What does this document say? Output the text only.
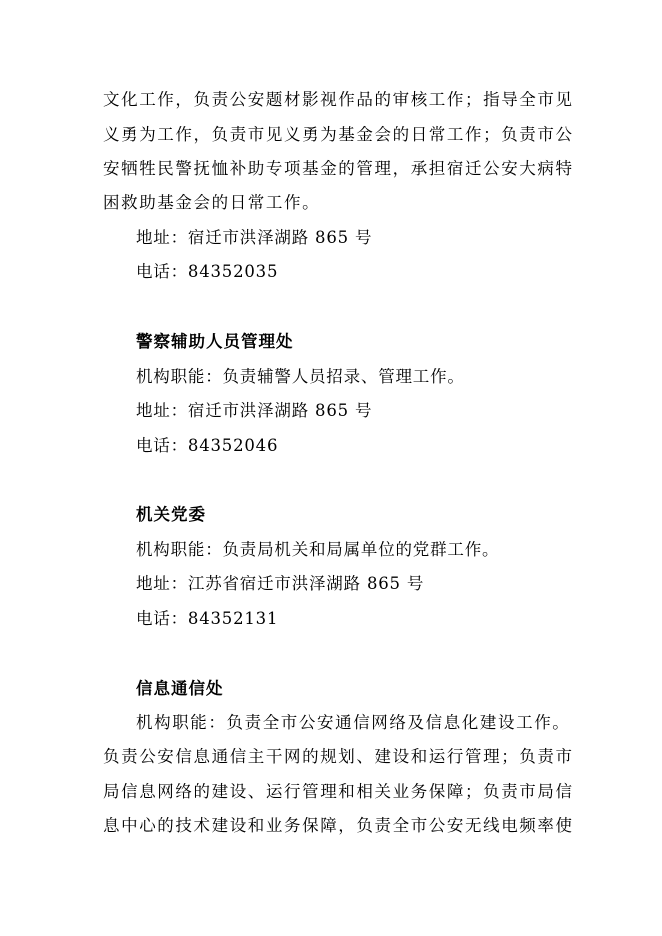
文化工作，负责公安题材影视作品的审核工作；指导全市见
义勇为工作，负责市见义勇为基金会的日常工作；负责市公
安牺牲民警抚恤补助专项基金的管理，承担宿迁公安大病特
困救助基金会的日常工作。
地址：宿迁市洪泽湖路 865 号
电话：84352035
警察辅助人员管理处
机构职能：负责辅警人员招录、管理工作。
地址：宿迁市洪泽湖路 865 号
电话：84352046
机关党委
机构职能：负责局机关和局属单位的党群工作。
地址：江苏省宿迁市洪泽湖路 865 号
电话：84352131
信息通信处
机构职能：负责全市公安通信网络及信息化建设工作。
负责公安信息通信主干网的规划、建设和运行管理；负责市
局信息网络的建设、运行管理和相关业务保障；负责市局信
息中心的技术建设和业务保障，负责全市公安无线电频率使
